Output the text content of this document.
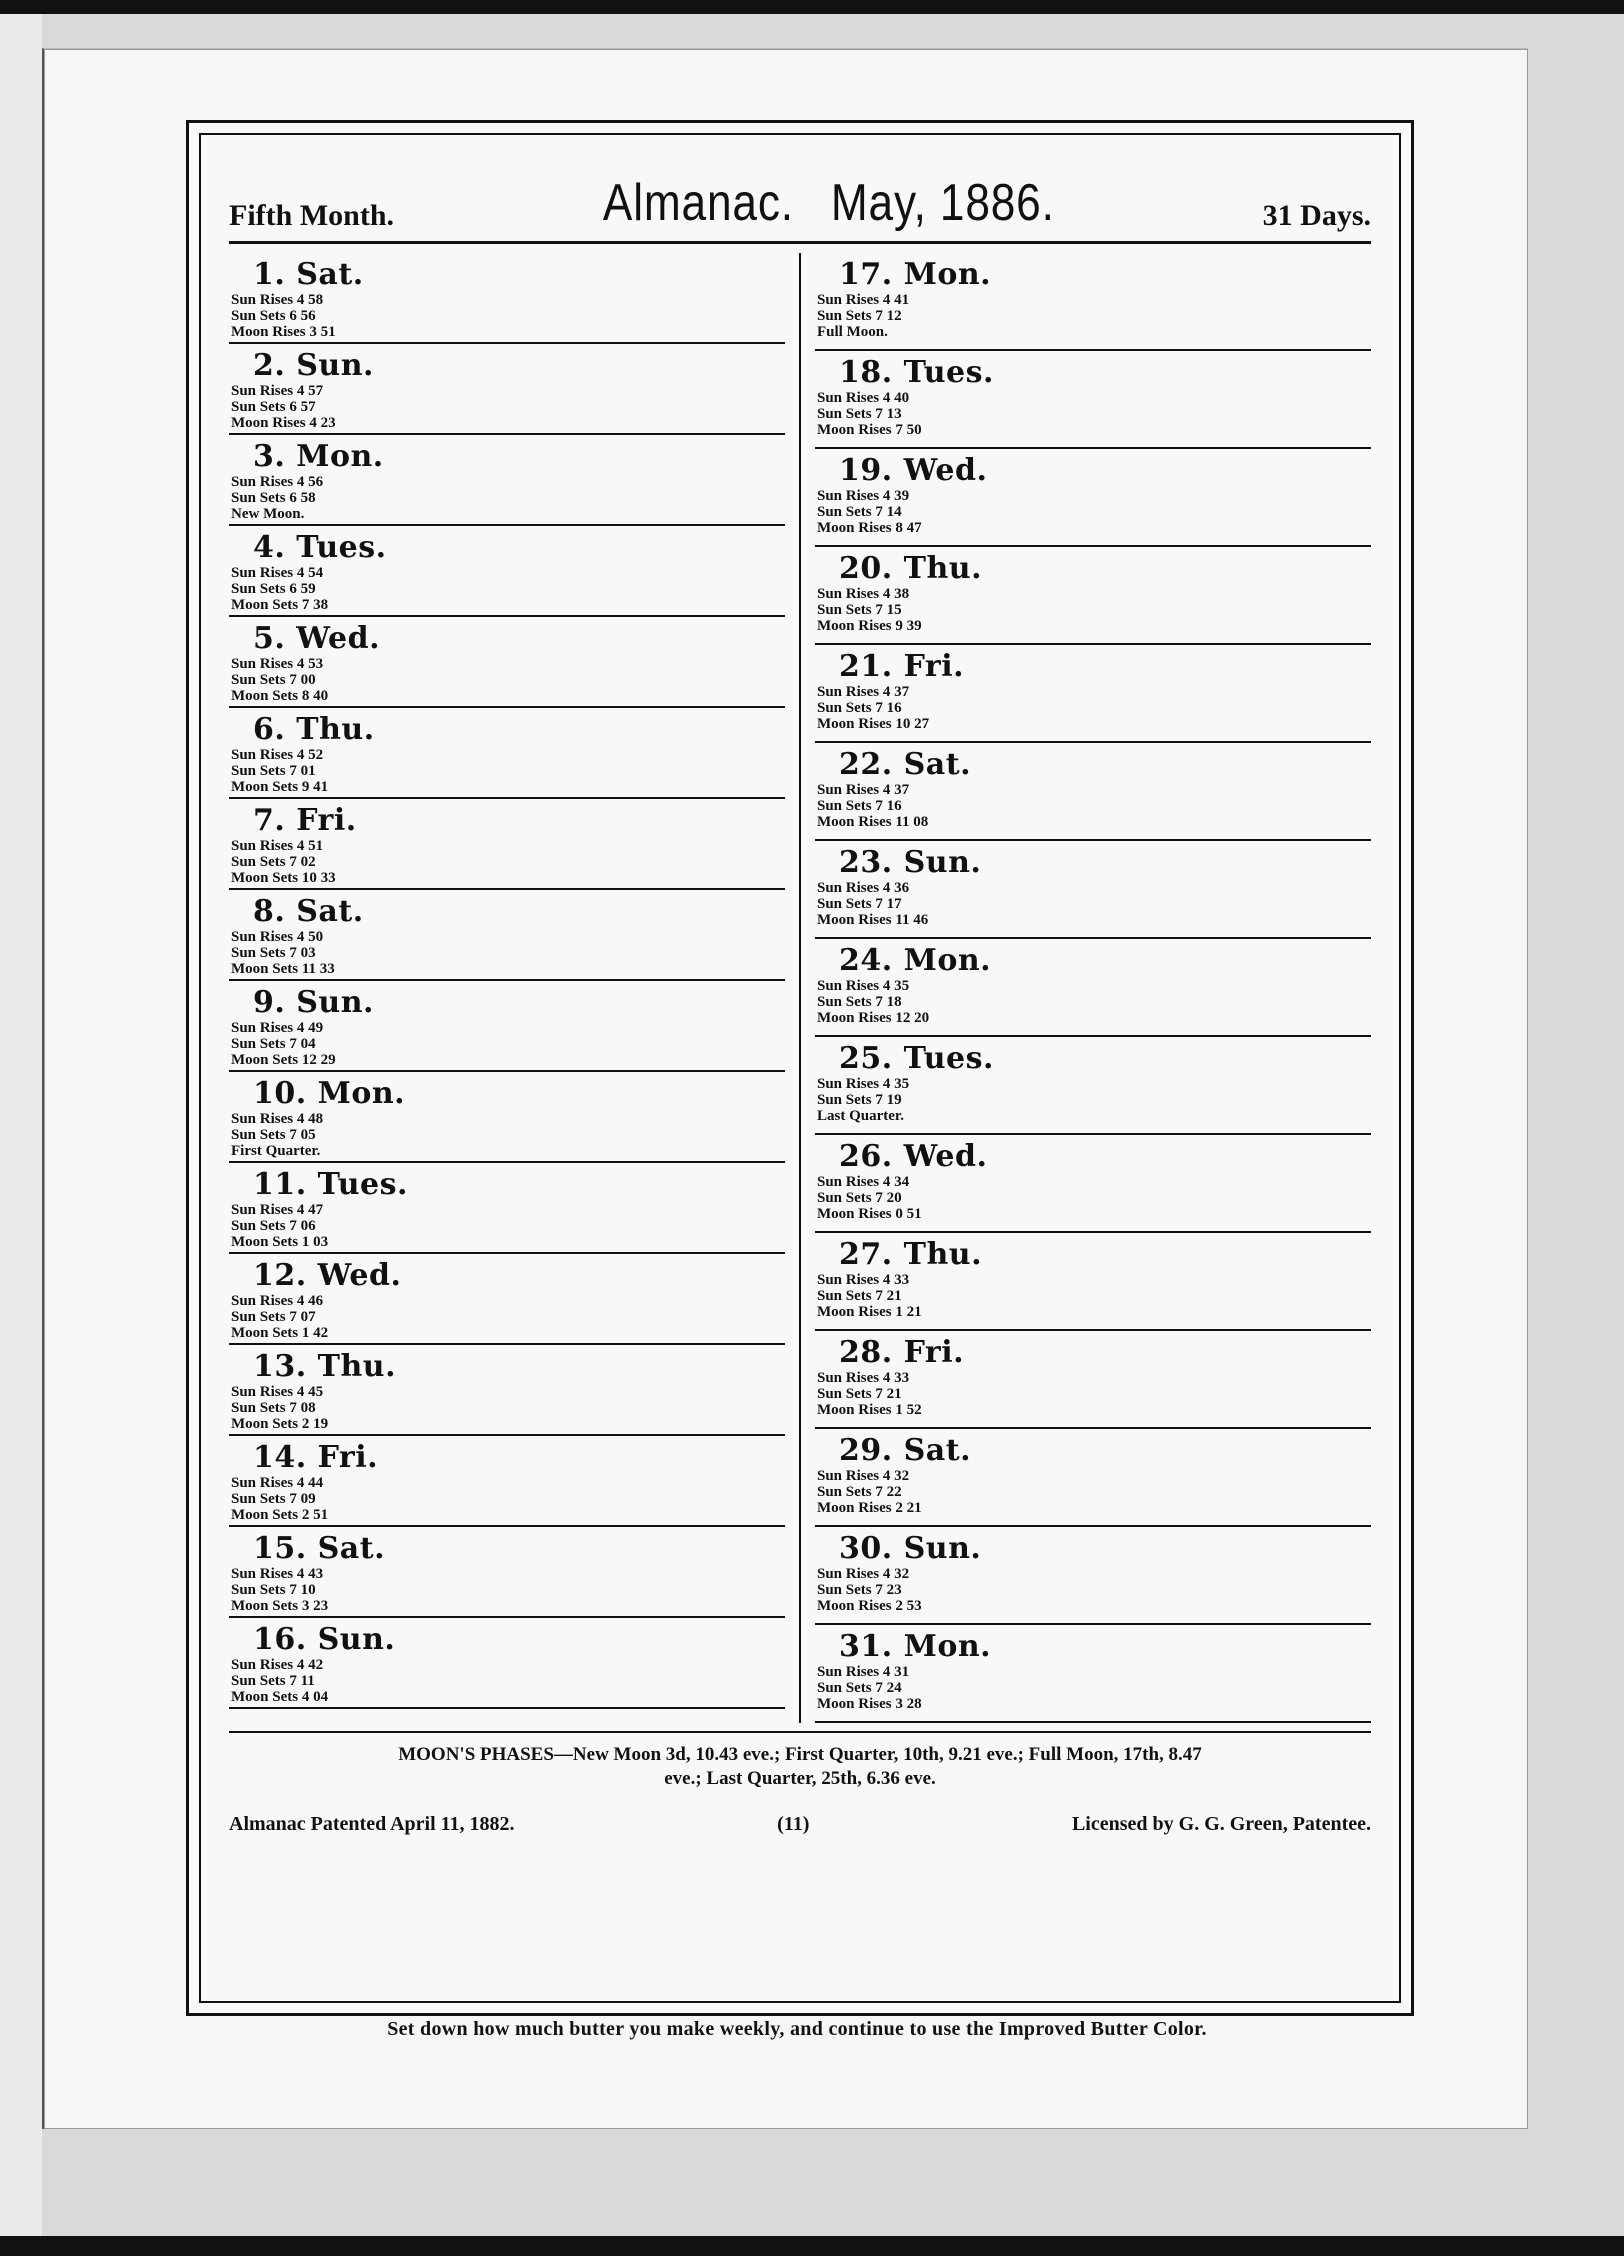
Fifth Month.	Almanac. May, 1886.	31 Days.
1. Sat.
Sun Rises 4 58
Sun Sets 6 56
Moon Rises 3 51
2. Sun.
Sun Rises 4 57
Sun Sets 6 57
Moon Rises 4 23
3. Mon.
Sun Rises 4 56
Sun Sets 6 58
New Moon.
4. Tues.
Sun Rises 4 54
Sun Sets 6 59
Moon Sets 7 38
5. Wed.
Sun Rises 4 53
Sun Sets 7 00
Moon Sets 8 40
6. Thu.
Sun Rises 4 52
Sun Sets 7 01
Moon Sets 9 41
7. Fri.
Sun Rises 4 51
Sun Sets 7 02
Moon Sets 10 33
8. Sat.
Sun Rises 4 50
Sun Sets 7 03
Moon Sets 11 33
9. Sun.
Sun Rises 4 49
Sun Sets 7 04
Moon Sets 12 29
10. Mon.
Sun Rises 4 48
Sun Sets 7 05
First Quarter.
11. Tues.
Sun Rises 4 47
Sun Sets 7 06
Moon Sets 1 03
12. Wed.
Sun Rises 4 46
Sun Sets 7 07
Moon Sets 1 42
13. Thu.
Sun Rises 4 45
Sun Sets 7 08
Moon Sets 2 19
14. Fri.
Sun Rises 4 44
Sun Sets 7 09
Moon Sets 2 51
15. Sat.
Sun Rises 4 43
Sun Sets 7 10
Moon Sets 3 23
16. Sun.
Sun Rises 4 42
Sun Sets 7 11
Moon Sets 4 04
17. Mon.
Sun Rises 4 41
Sun Sets 7 12
Full Moon.
18. Tues.
Sun Rises 4 40
Sun Sets 7 13
Moon Rises 7 50
19. Wed.
Sun Rises 4 39
Sun Sets 7 14
Moon Rises 8 47
20. Thu.
Sun Rises 4 38
Sun Sets 7 15
Moon Rises 9 39
21. Fri.
Sun Rises 4 37
Sun Sets 7 16
Moon Rises 10 27
22. Sat.
Sun Rises 4 37
Sun Sets 7 16
Moon Rises 11 08
23. Sun.
Sun Rises 4 36
Sun Sets 7 17
Moon Rises 11 46
24. Mon.
Sun Rises 4 35
Sun Sets 7 18
Moon Rises 12 20
25. Tues.
Sun Rises 4 35
Sun Sets 7 19
Last Quarter.
26. Wed.
Sun Rises 4 34
Sun Sets 7 20
Moon Rises 0 51
27. Thu.
Sun Rises 4 33
Sun Sets 7 21
Moon Rises 1 21
28. Fri.
Sun Rises 4 33
Sun Sets 7 21
Moon Rises 1 52
29. Sat.
Sun Rises 4 32
Sun Sets 7 22
Moon Rises 2 21
30. Sun.
Sun Rises 4 32
Sun Sets 7 23
Moon Rises 2 53
31. Mon.
Sun Rises 4 31
Sun Sets 7 24
Moon Rises 3 28
MOON'S PHASES—New Moon 3d, 10.43 eve.; First Quarter, 10th, 9.21 eve.; Full Moon, 17th, 8.47
eve.; Last Quarter, 25th, 6.36 eve.
Almanac Patented April 11, 1882.	(11)	Licensed by G. G. Green, Patentee.
Set down how much butter you make weekly, and continue to use the Improved Butter Color.
